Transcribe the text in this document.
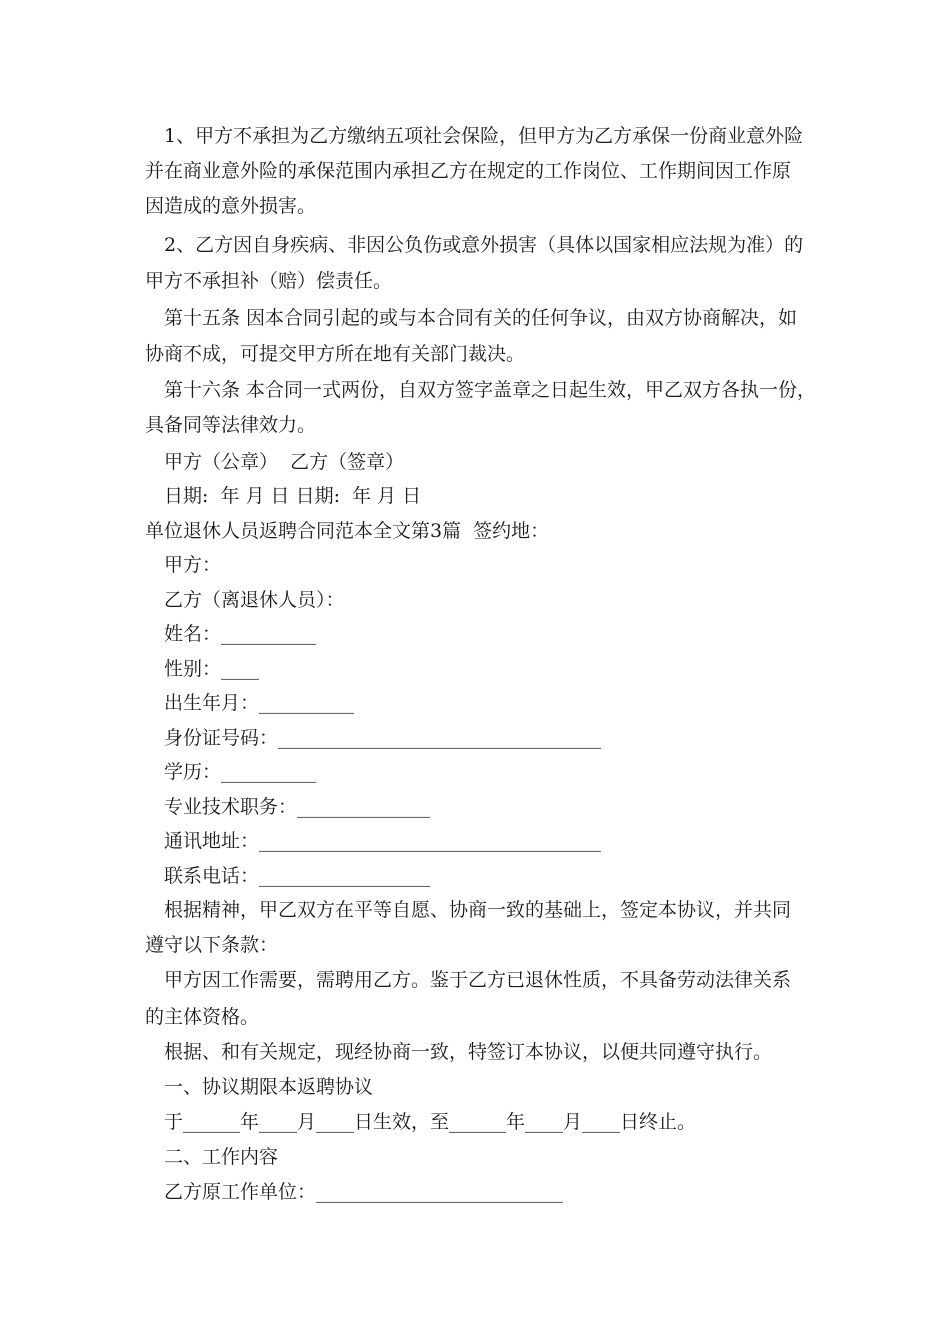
1、甲方不承担为乙方缴纳五项社会保险，但甲方为乙方承保一份商业意外险
并在商业意外险的承保范围内承担乙方在规定的工作岗位、工作期间因工作原
因造成的意外损害。
2、乙方因自身疾病、非因公负伤或意外损害（具体以国家相应法规为准）的
甲方不承担补（赔）偿责任。
第十五条 因本合同引起的或与本合同有关的任何争议，由双方协商解决，如
协商不成，可提交甲方所在地有关部门裁决。
第十六条 本合同一式两份，自双方签字盖章之日起生效，甲乙双方各执一份，
具备同等法律效力。
甲方（公章）  乙方（签章）
日期:  年 月 日 日期:  年 月 日
单位退休人员返聘合同范本全文第3篇  签约地：
甲方：
乙方（离退休人员）：
姓名：__________
性别：____
出生年月：__________
身份证号码：__________________________________
学历：__________
专业技术职务：______________
通讯地址：____________________________________
联系电话：__________________
根据精神，甲乙双方在平等自愿、协商一致的基础上，签定本协议，并共同
遵守以下条款：
甲方因工作需要，需聘用乙方。鉴于乙方已退休性质，不具备劳动法律关系
的主体资格。
根据、和有关规定，现经协商一致，特签订本协议，以便共同遵守执行。
一、协议期限本返聘协议
于______年____月____日生效，至______年____月____日终止。
二、工作内容
乙方原工作单位：__________________________
